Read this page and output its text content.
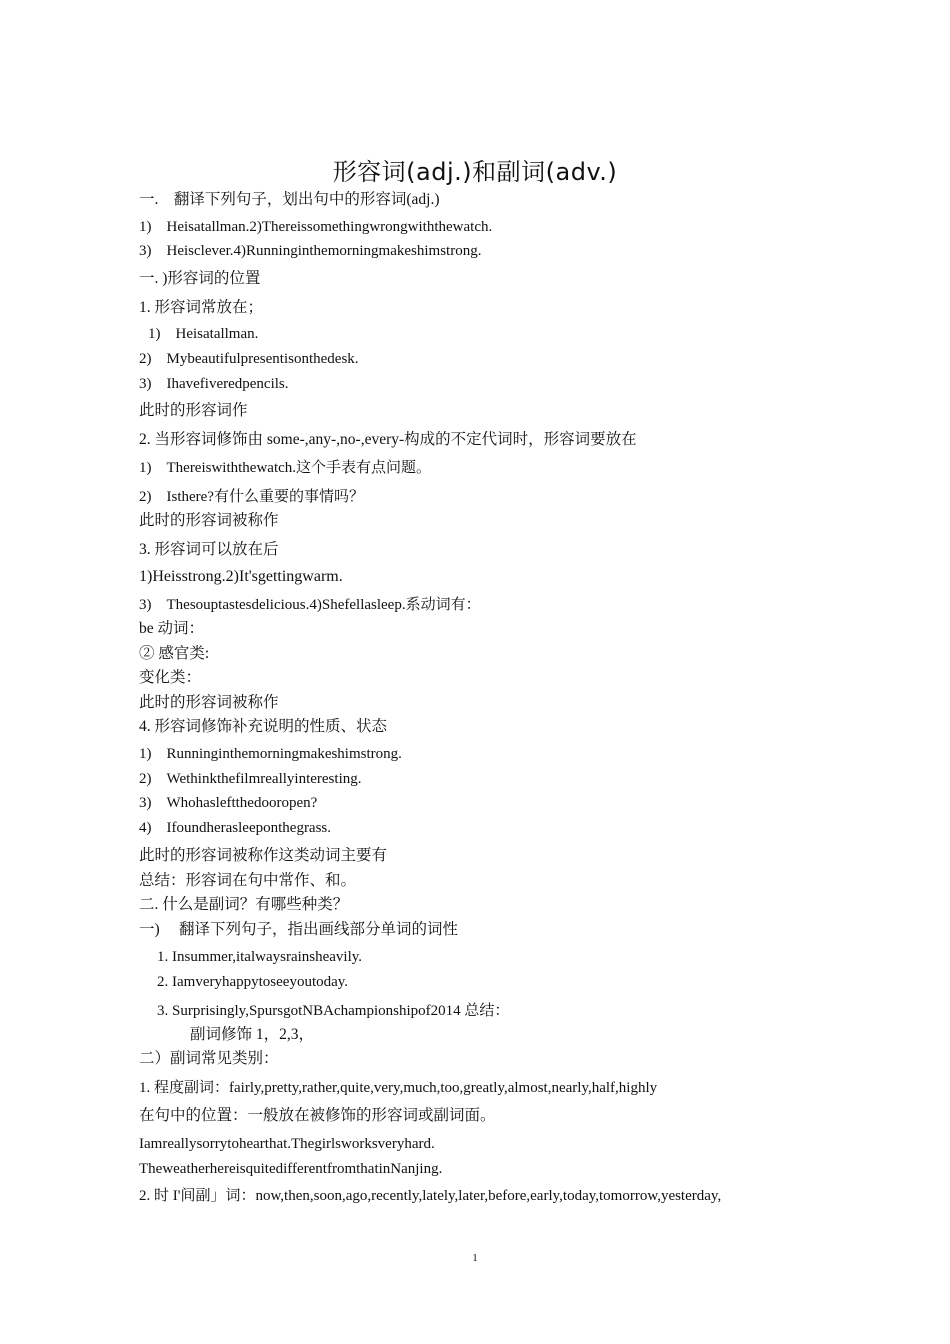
形容词(adj.)和副词(adv.)
一.　翻译下列句子，划出句中的形容词(adj.)
1)　Heisatallman.2)Thereissomethingwrongwiththewatch.
3)　Heisclever.4)Runninginthemorningmakeshimstrong.
一. )形容词的位置
1. 形容词常放在；
1)　Heisatallman.
2)　Mybeautifulpresentisonthedesk.
3)　Ihavefiveredpencils.
此时的形容词作
2. 当形容词修饰由 some-,any-,no-,every-构成的不定代词时，形容词要放在
1)　Thereiswiththewatch.这个手表有点问题。
2)　Isthere?有什么重要的事情吗？
此时的形容词被称作
3. 形容词可以放在后
1)Heisstrong.2)It'sgettingwarm.
3)　Thesouptastesdelicious.4)Shefellasleep.系动词有：
be 动词：
② 感官类:
变化类：
此时的形容词被称作
4. 形容词修饰补充说明的性质、状态
1)　Runninginthemorningmakeshimstrong.
2)　Wethinkthefilmreallyinteresting.
3)　Whohasleftthedooropen?
4)　Ifoundherasleeponthegrass.
此时的形容词被称作这类动词主要有
总结：形容词在句中常作、和。
二. 什么是副词？有哪些种类？
一)　 翻译下列句子，指出画线部分单词的词性
1. Insummer,italwaysrainsheavily.
2. Iamveryhappytoseeyoutoday.
3. Surprisingly,SpursgotNBAchampionshipof2014 总结：
副词修饰 1，2,3，
二）副词常见类别：
1. 程度副词：fairly,pretty,rather,quite,very,much,too,greatly,almost,nearly,half,highly
在句中的位置：一般放在被修饰的形容词或副词面。
Iamreallysorrytohearthat.Thegirlsworksveryhard.
TheweatherhereisquitedifferentfromthatinNanjing.
2. 时 I'间副」词：now,then,soon,ago,recently,lately,later,before,early,today,tomorrow,yesterday,
1
